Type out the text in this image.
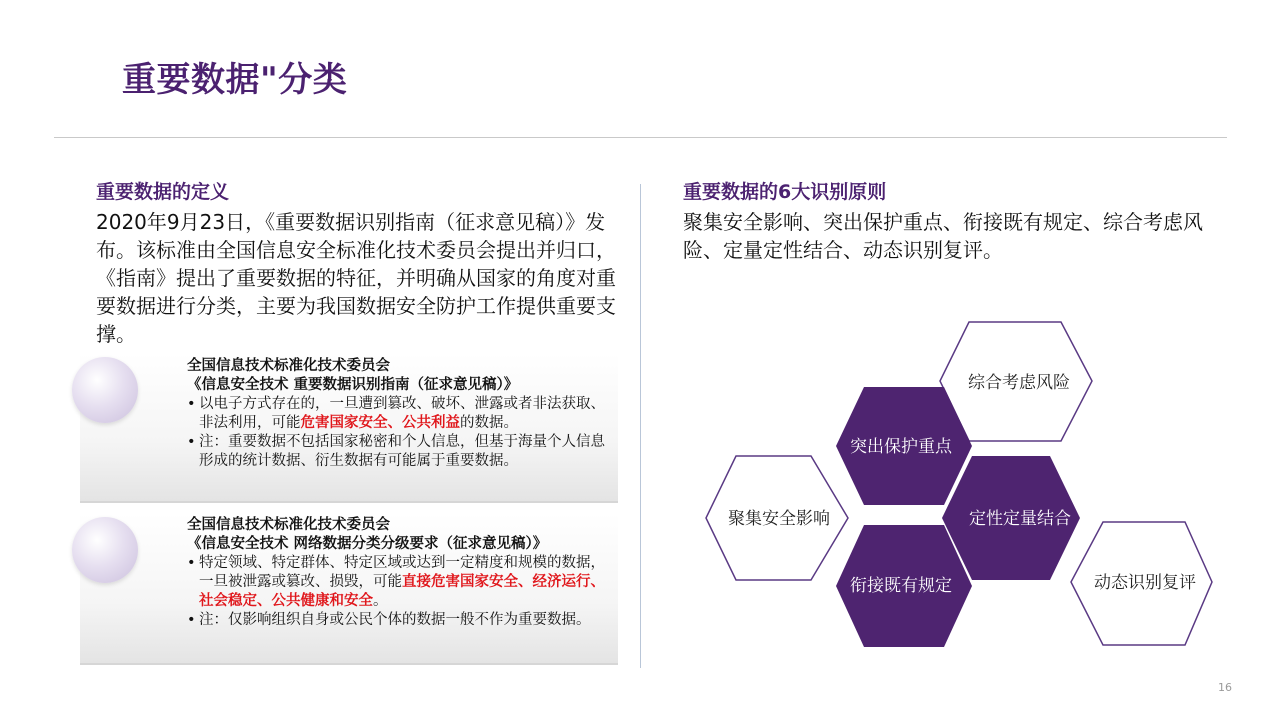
重要数据"分类
重要数据的定义
2020年9月23日，《重要数据识别指南（征求意见稿）》发布。该标准由全国信息安全标准化技术委员会提出并归口，《指南》提出了重要数据的特征，并明确从国家的角度对重要数据进行分类，主要为我国数据安全防护工作提供重要支撑。
全国信息技术标准化技术委员会
《信息安全技术 重要数据识别指南（征求意见稿）》
• 以电子方式存在的，一旦遭到篡改、破坏、泄露或者非法获取、非法利用，可能危害国家安全、公共利益的数据。
• 注：重要数据不包括国家秘密和个人信息，但基于海量个人信息形成的统计数据、衍生数据有可能属于重要数据。
全国信息技术标准化技术委员会
《信息安全技术 网络数据分类分级要求（征求意见稿）》
• 特定领域、特定群体、特定区域或达到一定精度和规模的数据，一旦被泄露或篡改、损毁，可能直接危害国家安全、经济运行、社会稳定、公共健康和安全。
• 注：仅影响组织自身或公民个体的数据一般不作为重要数据。
重要数据的6大识别原则
聚集安全影响、突出保护重点、衔接既有规定、综合考虑风险、定量定性结合、动态识别复评。
综合考虑风险
突出保护重点
聚集安全影响	定性定量结合
衔接既有规定	动态识别复评
16
